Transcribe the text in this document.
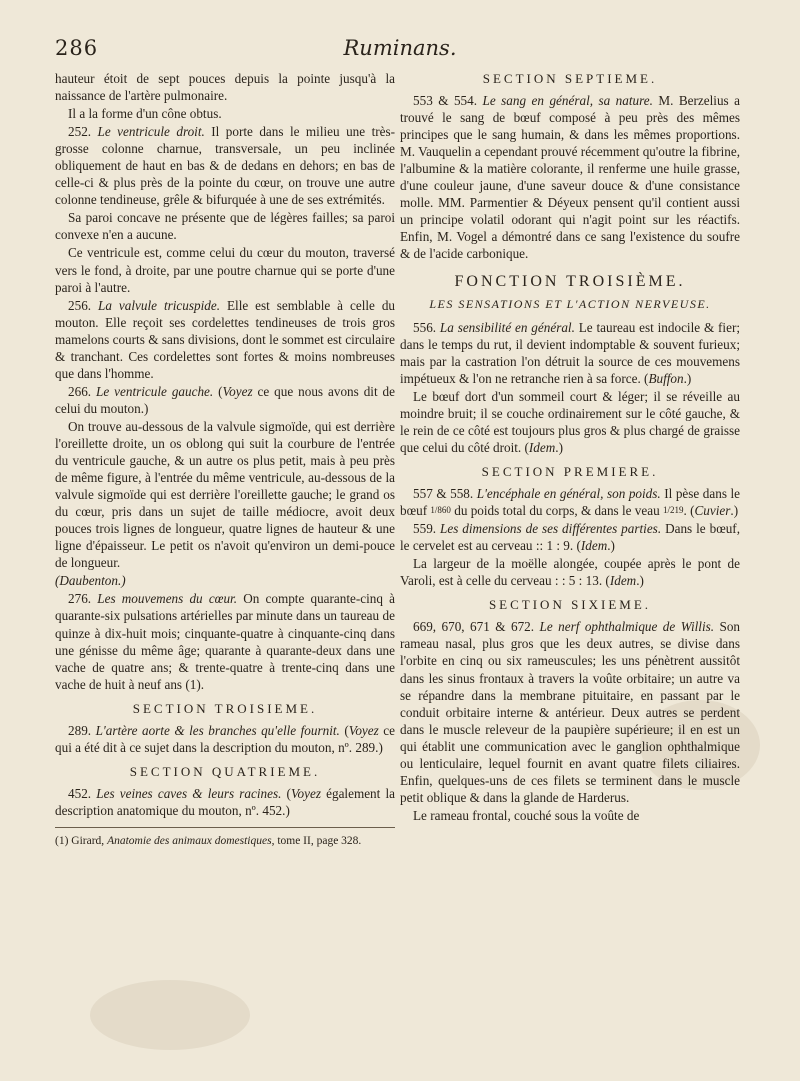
286	Ruminans.

hauteur étoit de sept pouces depuis la pointe jusqu'à la naissance de l'artère pulmonaire.

Il a la forme d'un cône obtus.

252. Le ventricule droit. Il porte dans le milieu une très-grosse colonne charnue, transversale, un peu inclinée obliquement de haut en bas & de dedans en dehors; en bas de celle-ci & plus près de la pointe du cœur, on trouve une autre colonne tendineuse, grêle & bifurquée à une de ses extrémités.

Sa paroi concave ne présente que de légères failles; sa paroi convexe n'en a aucune.

Ce ventricule est, comme celui du cœur du mouton, traversé vers le fond, à droite, par une poutre charnue qui se porte d'une paroi à l'autre.

256. La valvule tricuspide. Elle est semblable à celle du mouton. Elle reçoit ses cordelettes tendineuses de trois gros mamelons courts & sans divisions, dont le sommet est circulaire & tranchant. Ces cordelettes sont fortes & moins nombreuses que dans l'homme.

266. Le ventricule gauche. (Voyez ce que nous avons dit de celui du mouton.)

On trouve au-dessous de la valvule sigmoïde, qui est derrière l'oreillette droite, un os oblong qui suit la courbure de l'entrée du ventricule gauche, & un autre os plus petit, mais à peu près de même figure, à l'entrée du même ventricule, au-dessous de la valvule sigmoïde qui est derrière l'oreillette gauche; le grand os du cœur, pris dans un sujet de taille médiocre, avoit deux pouces trois lignes de longueur, quatre lignes de hauteur & une ligne d'épaisseur. Le petit os n'avoit qu'environ un demi-pouce de longueur.

(Daubenton.)

276. Les mouvemens du cœur. On compte quarante-cinq à quarante-six pulsations artérielles par minute dans un taureau de quinze à dix-huit mois; cinquante-quatre à cinquante-cinq dans une génisse du même âge; quarante à quarante-deux dans une vache de quatre ans; & trente-quatre à trente-cinq dans une vache de huit à neuf ans (1).

SECTION TROISIEME.

289. L'artère aorte & les branches qu'elle fournit. (Voyez ce qui a été dit à ce sujet dans la description du mouton, nº. 289.)

SECTION QUATRIEME.

452. Les veines caves & leurs racines. (Voyez également la description anatomique du mouton, nº. 452.)

(1) Girard, Anatomie des animaux domestiques, tome II, page 328.

SECTION SEPTIEME.

553 & 554. Le sang en général, sa nature. M. Berzelius a trouvé le sang de bœuf composé à peu près des mêmes principes que le sang humain, & dans les mêmes proportions. M. Vauquelin a cependant prouvé récemment qu'outre la fibrine, l'albumine & la matière colorante, il renferme une huile grasse, d'une couleur jaune, d'une saveur douce & d'une consistance molle. MM. Parmentier & Déyeux pensent qu'il contient aussi un principe volatil odorant qui n'agit point sur les réactifs. Enfin, M. Vogel a démontré dans ce sang l'existence du soufre & de l'acide carbonique.

FONCTION TROISIÈME.
LES SENSATIONS ET L'ACTION NERVEUSE.

556. La sensibilité en général. Le taureau est indocile & fier; dans le temps du rut, il devient indomptable & souvent furieux; mais par la castration l'on détruit la source de ces mouvemens impétueux & l'on ne retranche rien à sa force. (Buffon.)

Le bœuf dort d'un sommeil court & léger; il se réveille au moindre bruit; il se couche ordinairement sur le côté gauche, & le rein de ce côté est toujours plus gros & plus chargé de graisse que celui du côté droit. (Idem.)

SECTION PREMIERE.

557 & 558. L'encéphale en général, son poids. Il pèse dans le bœuf 1/860 du poids total du corps, & dans le veau 1/219. (Cuvier.)

559. Les dimensions de ses différentes parties. Dans le bœuf, le cervelet est au cerveau :: 1 : 9. (Idem.)

La largeur de la moëlle alongée, coupée après le pont de Varoli, est à celle du cerveau : : 5 : 13. (Idem.)

SECTION SIXIEME.

669, 670, 671 & 672. Le nerf ophthalmique de Willis. Son rameau nasal, plus gros que les deux autres, se divise dans l'orbite en cinq ou six rameuscules; les uns pénètrent aussitôt dans les sinus frontaux à travers la voûte orbitaire; un autre va se répandre dans la membrane pituitaire, en passant par le conduit orbitaire interne & antérieur. Deux autres se perdent dans le muscle releveur de la paupière supérieure; il en est un qui établit une communication avec le ganglion ophthalmique ou lenticulaire, lequel fournit en avant quatre filets ciliaires. Enfin, quelques-uns de ces filets se terminent dans le muscle petit oblique & dans la glande de Harderus.

Le rameau frontal, couché sous la voûte de
